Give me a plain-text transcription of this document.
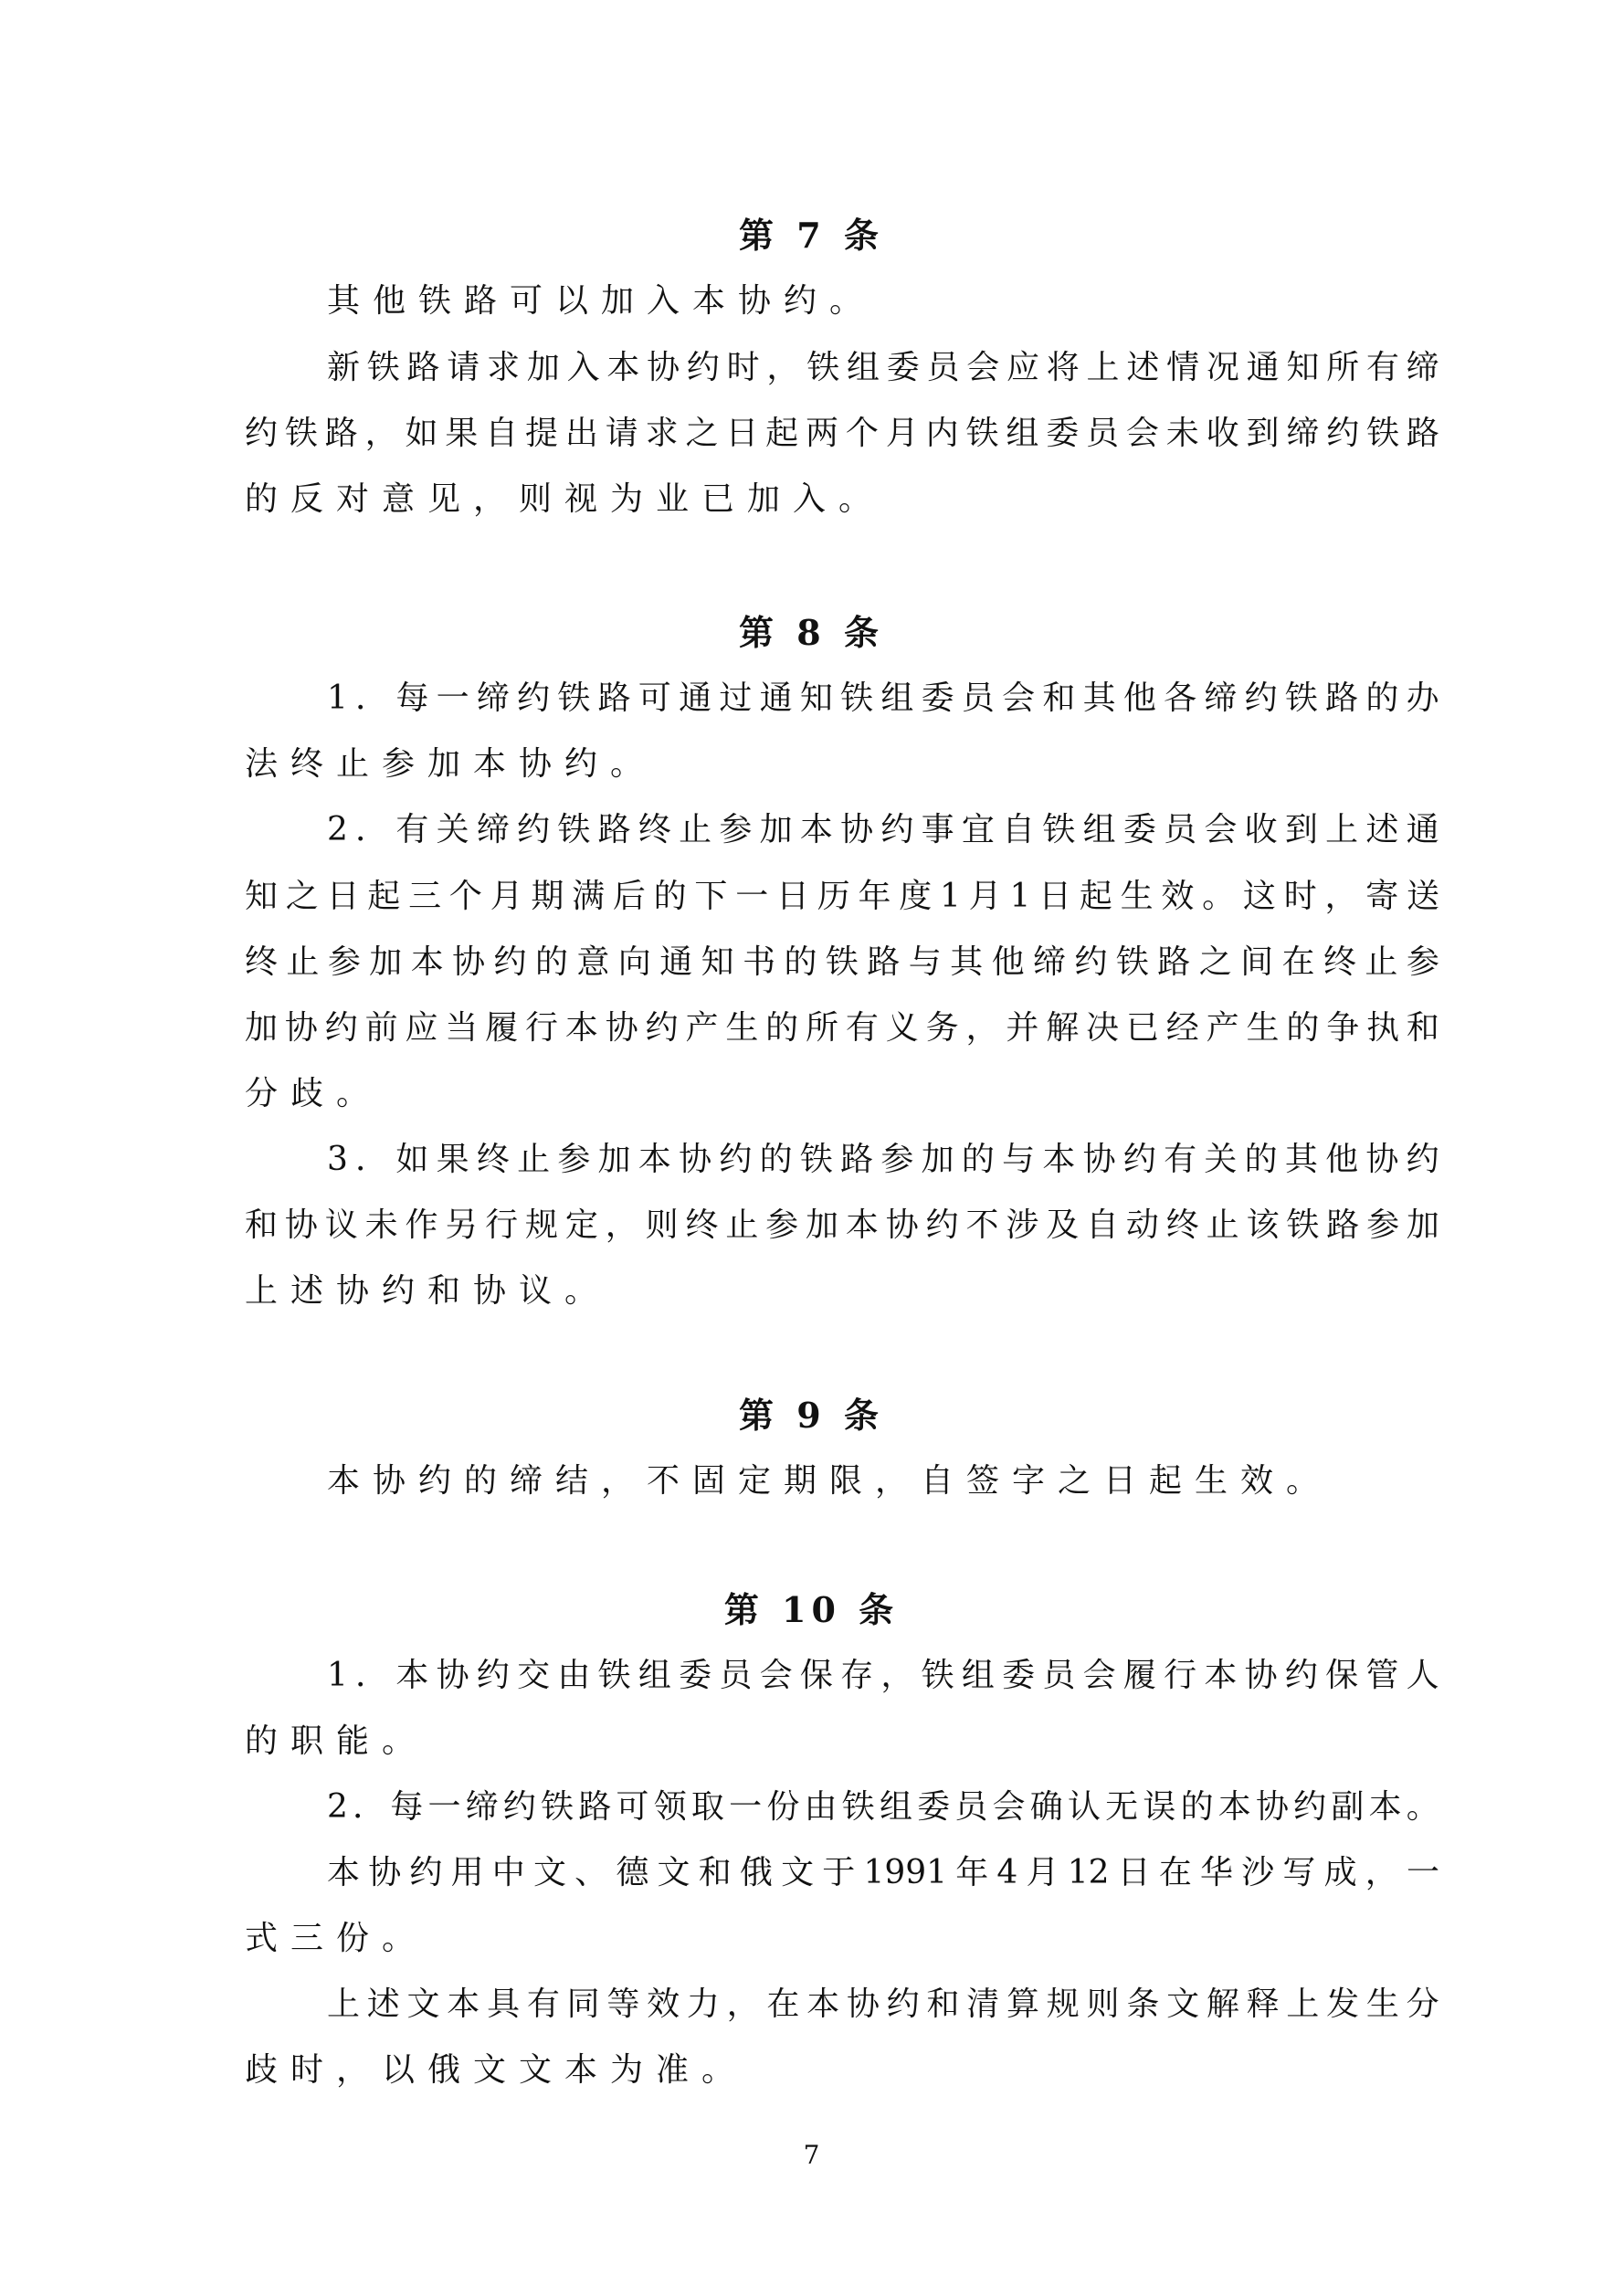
第 7 条
其他铁路可以加入本协约。
新 铁 路 请 求 加 入 本 协 约 时 ， 铁 组 委 员 会 应 将 上 述 情 况 通 知 所 有 缔
约 铁 路 ， 如 果 自 提 出 请 求 之 日 起 两 个 月 内 铁 组 委 员 会 未 收 到 缔 约 铁 路
的反对意见，则视为业已加入。
第 8 条
1 ． 每 一 缔 约 铁 路 可 通 过 通 知 铁 组 委 员 会 和 其 他 各 缔 约 铁 路 的 办
法终止参加本协约。
2 ． 有 关 缔 约 铁 路 终 止 参 加 本 协 约 事 宜 自 铁 组 委 员 会 收 到 上 述 通
知 之 日 起 三 个 月 期 满 后 的 下 一 日 历 年 度 1 月 1 日 起 生 效 。 这 时 ， 寄 送
终 止 参 加 本 协 约 的 意 向 通 知 书 的 铁 路 与 其 他 缔 约 铁 路 之 间 在 终 止 参
加 协 约 前 应 当 履 行 本 协 约 产 生 的 所 有 义 务 ， 并 解 决 已 经 产 生 的 争 执 和
分歧。
3 ． 如 果 终 止 参 加 本 协 约 的 铁 路 参 加 的 与 本 协 约 有 关 的 其 他 协 约
和 协 议 未 作 另 行 规 定 ， 则 终 止 参 加 本 协 约 不 涉 及 自 动 终 止 该 铁 路 参 加
上述协约和协议。
第 9 条
本协约的缔结，不固定期限，自签字之日起生效。
第 10 条
1 ． 本 协 约 交 由 铁 组 委 员 会 保 存 ， 铁 组 委 员 会 履 行 本 协 约 保 管 人
的职能。
2 ． 每 一 缔 约 铁 路 可 领 取 一 份 由 铁 组 委 员 会 确 认 无 误 的 本 协 约 副 本 。
本 协 约 用 中 文 、 德 文 和 俄 文 于 1991 年 4 月 12 日 在 华 沙 写 成 ， 一
式三份。
上 述 文 本 具 有 同 等 效 力 ， 在 本 协 约 和 清 算 规 则 条 文 解 释 上 发 生 分
歧时，以俄文文本为准。
7
